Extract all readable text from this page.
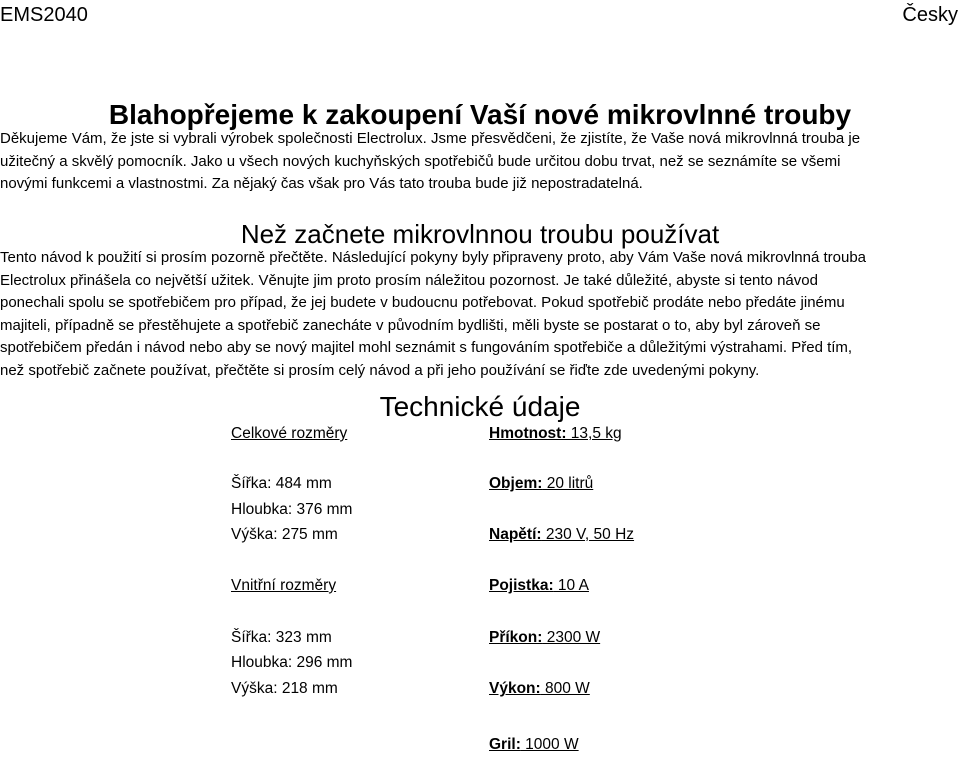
EMS2040	Česky
Blahopřejeme k zakoupení Vaší nové mikrovlnné trouby
Děkujeme Vám, že jste si vybrali výrobek společnosti Electrolux. Jsme přesvědčeni, že zjistíte, že Vaše nová mikrovlnná trouba je
užitečný a skvělý pomocník. Jako u všech nových kuchyňských spotřebičů bude určitou dobu trvat, než se seznámíte se všemi
novými funkcemi a vlastnostmi. Za nějaký čas však pro Vás tato trouba bude již nepostradatelná.
Než začnete mikrovlnnou troubu používat
Tento návod k použití si prosím pozorně přečtěte. Následující pokyny byly připraveny proto, aby Vám Vaše nová mikrovlnná trouba
Electrolux přinášela co největší užitek. Věnujte jim proto prosím náležitou pozornost. Je také důležité, abyste si tento návod
ponechali spolu se spotřebičem pro případ, že jej budete v budoucnu potřebovat. Pokud spotřebič prodáte nebo předáte jinému
majiteli, případně se přestěhujete a spotřebič zanecháte v původním bydlišti, měli byste se postarat o to, aby byl zároveň se
spotřebičem předán i návod nebo aby se nový majitel mohl seznámit s fungováním spotřebiče a důležitými výstrahami. Před tím,
než spotřebič začnete používat, přečtěte si prosím celý návod a při jeho používání se řiďte zde uvedenými pokyny.
Technické údaje
Celkové rozměry
Šířka: 484 mm
Hloubka: 376 mm
Výška: 275 mm
Vnitřní rozměry
Šířka: 323 mm
Hloubka: 296 mm
Výška: 218 mm
Hmotnost: 13,5 kg
Objem: 20 litrů
Napětí: 230 V, 50 Hz
Pojistka: 10 A
Příkon: 2300 W
Výkon: 800 W
Gril: 1000 W
